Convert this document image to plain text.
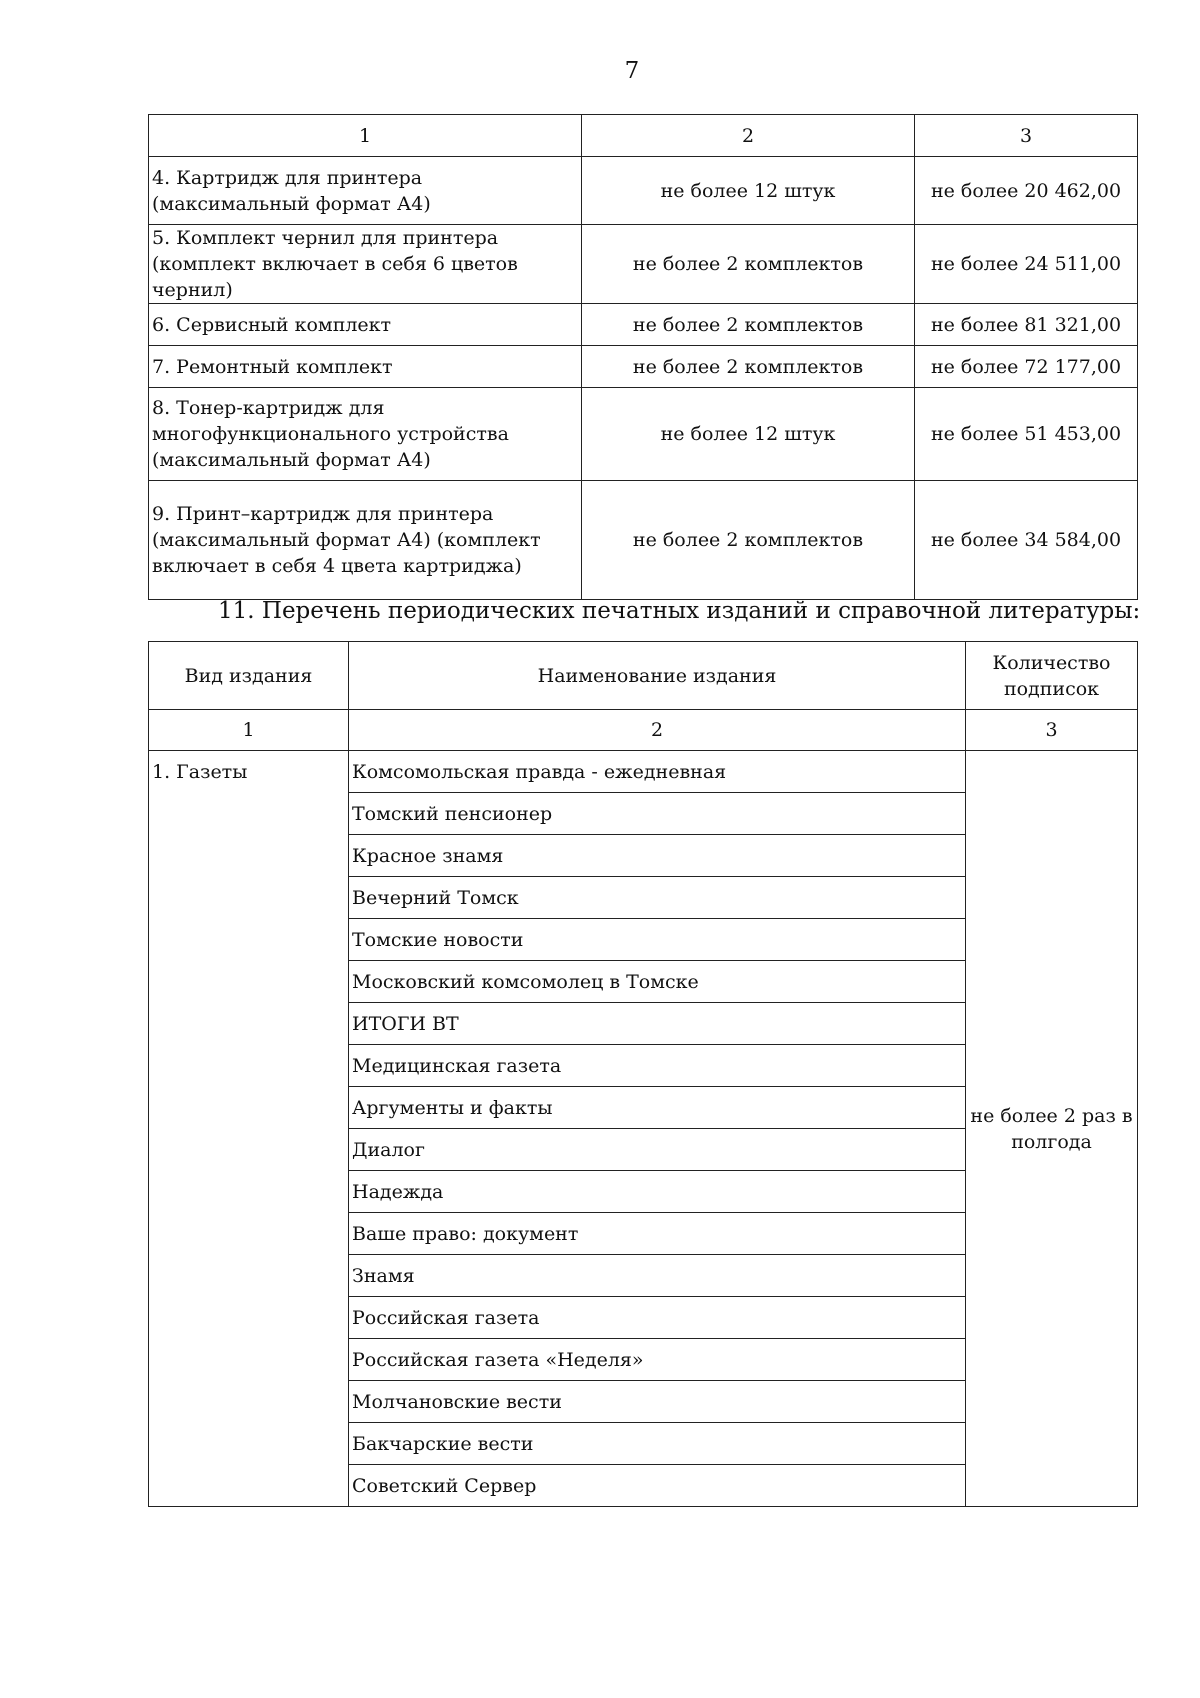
7
1	2	3
4. Картридж для принтера (максимальный формат А4)	не более 12 штук	не более 20 462,00
5. Комплект чернил для принтера (комплект включает в себя 6 цветов чернил)	не более 2 комплектов	не более 24 511,00
6. Сервисный комплект	не более 2 комплектов	не более 81 321,00
7. Ремонтный комплект	не более 2 комплектов	не более 72 177,00
8. Тонер-картридж для многофункционального устройства (максимальный формат А4)	не более 12 штук	не более 51 453,00
9. Принт–картридж для принтера (максимальный формат А4) (комплект включает в себя 4 цвета картриджа)	не более 2 комплектов	не более 34 584,00
11. Перечень периодических печатных изданий и справочной литературы:
Вид издания	Наименование издания	Количество подписок
1	2	3
1. Газеты	Комсомольская правда - ежедневная	не более 2 раз в полгода
	Томский пенсионер	
	Красное знамя	
	Вечерний Томск	
	Томские новости	
	Московский комсомолец в Томске	
	ИТОГИ ВТ	
	Медицинская газета	
	Аргументы и факты	
	Диалог	
	Надежда	
	Ваше право: документ	
	Знамя	
	Российская газета	
	Российская газета «Неделя»	
	Молчановские вести	
	Бакчарские вести	
	Советский Сервер	
